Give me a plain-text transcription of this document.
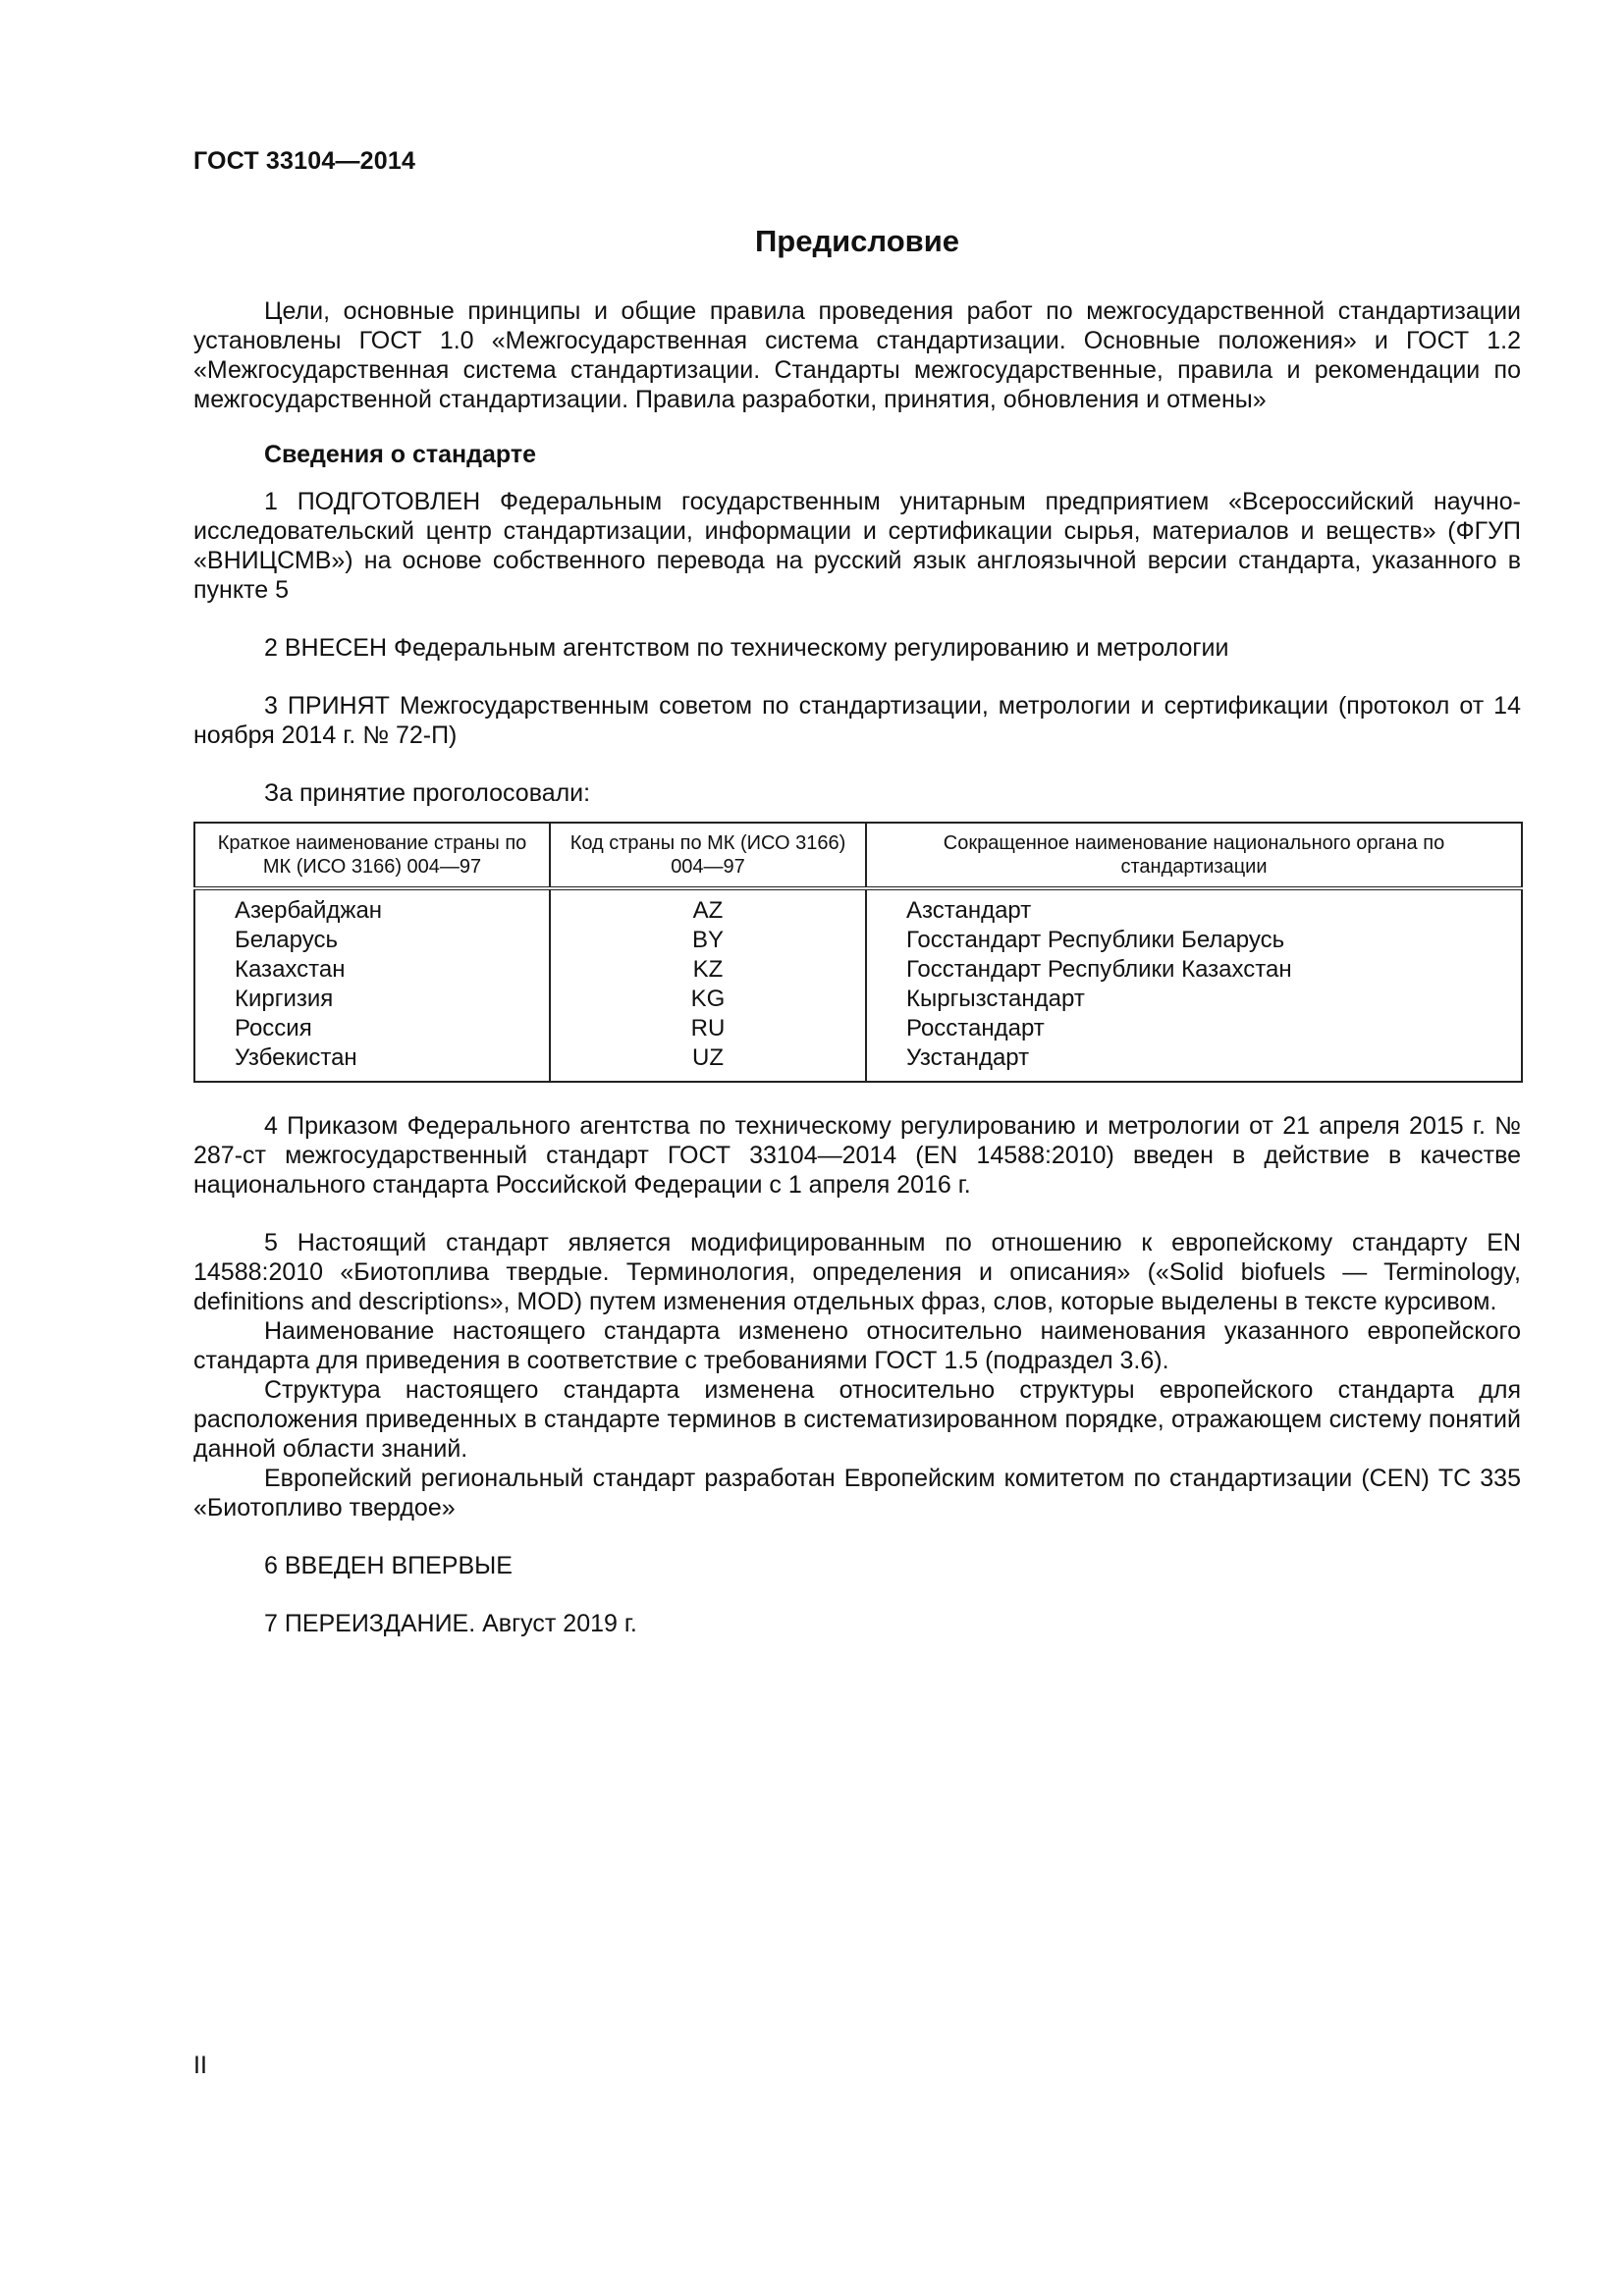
ГОСТ 33104—2014
Предисловие

Цели, основные принципы и общие правила проведения работ по межгосударственной стандартизации установлены ГОСТ 1.0 «Межгосударственная система стандартизации. Основные положения» и ГОСТ 1.2 «Межгосударственная система стандартизации. Стандарты межгосударственные, правила и рекомендации по межгосударственной стандартизации. Правила разработки, принятия, обновления и отмены»

Сведения о стандарте

1 ПОДГОТОВЛЕН Федеральным государственным унитарным предприятием «Всероссийский научно-исследовательский центр стандартизации, информации и сертификации сырья, материалов и веществ» (ФГУП «ВНИЦСМВ») на основе собственного перевода на русский язык англоязычной версии стандарта, указанного в пункте 5

2 ВНЕСЕН Федеральным агентством по техническому регулированию и метрологии

3 ПРИНЯТ Межгосударственным советом по стандартизации, метрологии и сертификации (протокол от 14 ноября 2014 г. № 72-П)

За принятие проголосовали:

Краткое наименование страны по МК (ИСО 3166) 004—97	Код страны по МК (ИСО 3166) 004—97	Сокращенное наименование национального органа по стандартизации
Азербайджан	AZ	Азстандарт
Беларусь	BY	Госстандарт Республики Беларусь
Казахстан	KZ	Госстандарт Республики Казахстан
Киргизия	KG	Кыргызстандарт
Россия	RU	Росстандарт
Узбекистан	UZ	Узстандарт

4 Приказом Федерального агентства по техническому регулированию и метрологии от 21 апреля 2015 г. № 287-ст межгосударственный стандарт ГОСТ 33104—2014 (EN 14588:2010) введен в действие в качестве национального стандарта Российской Федерации с 1 апреля 2016 г.

5 Настоящий стандарт является модифицированным по отношению к европейскому стандарту EN 14588:2010 «Биотоплива твердые. Терминология, определения и описания» («Solid biofuels — Terminology, definitions and descriptions», MOD) путем изменения отдельных фраз, слов, которые выделены в тексте курсивом.

Наименование настоящего стандарта изменено относительно наименования указанного европейского стандарта для приведения в соответствие с требованиями ГОСТ 1.5 (подраздел 3.6).

Структура настоящего стандарта изменена относительно структуры европейского стандарта для расположения приведенных в стандарте терминов в систематизированном порядке, отражающем систему понятий данной области знаний.

Европейский региональный стандарт разработан Европейским комитетом по стандартизации (CEN) ТС 335 «Биотопливо твердое»

6 ВВЕДЕН ВПЕРВЫЕ

7 ПЕРЕИЗДАНИЕ. Август 2019 г.

II
